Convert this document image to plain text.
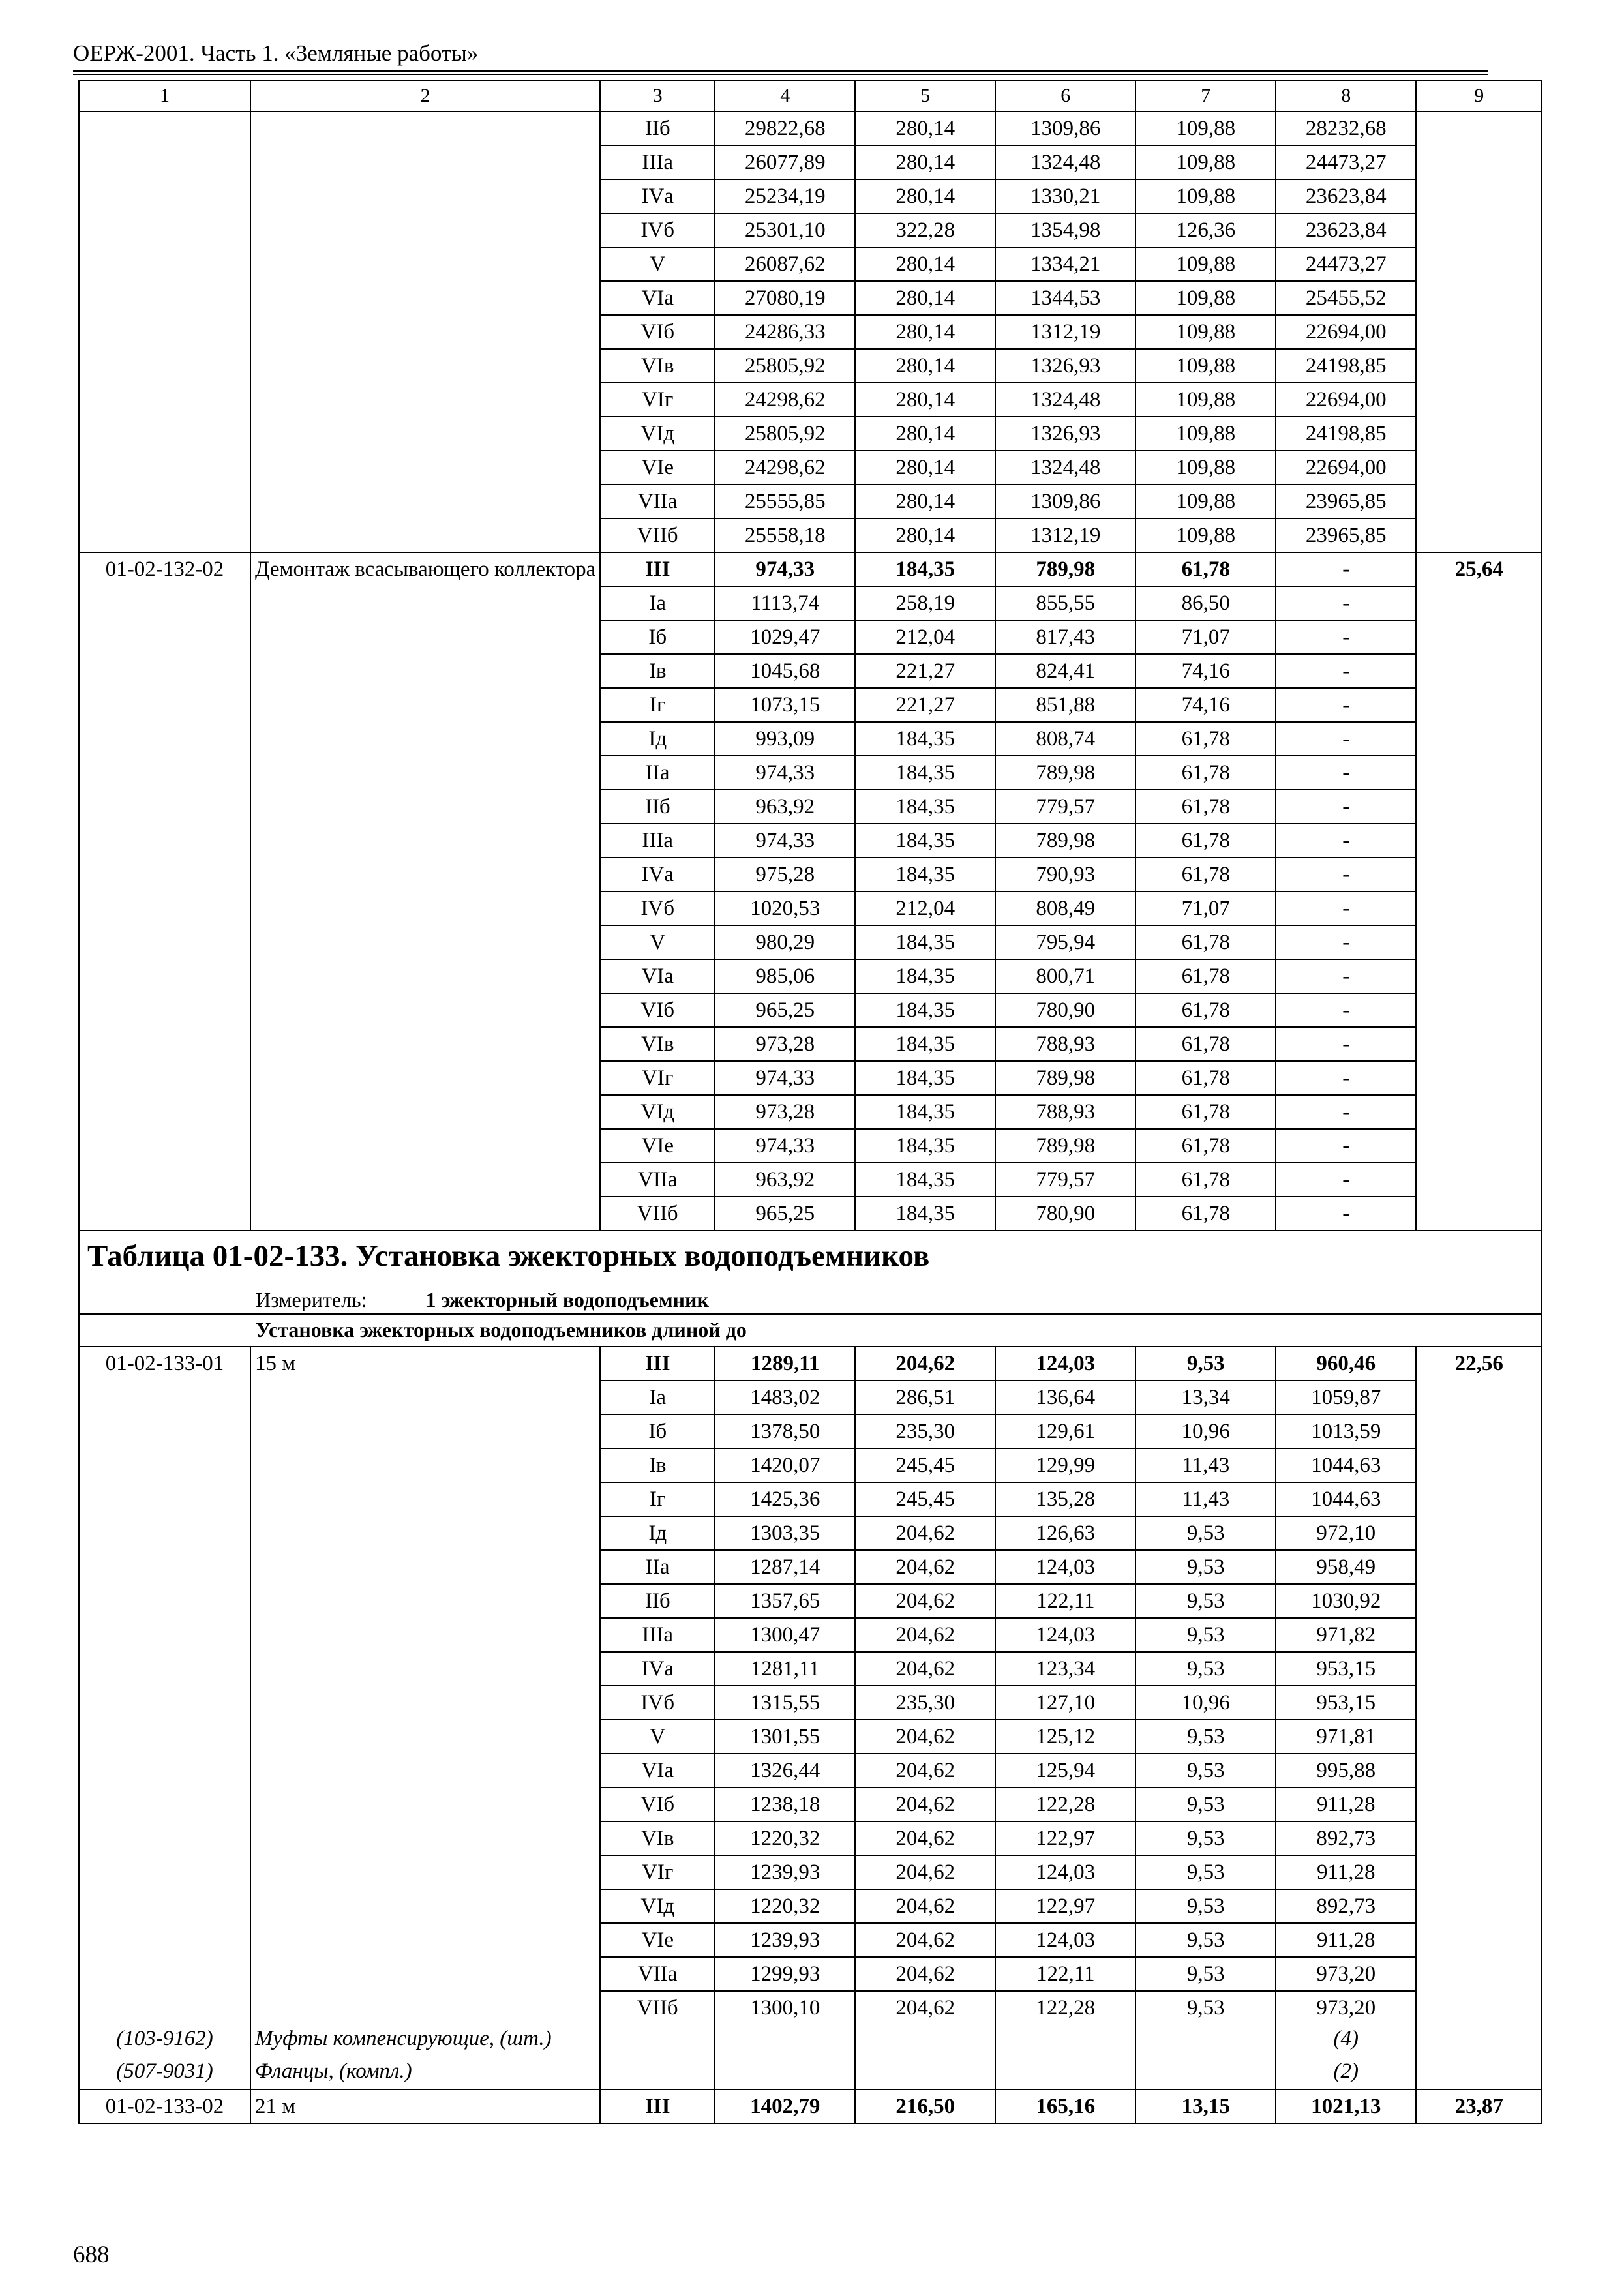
ОЕРЖ-2001. Часть 1. «Земляные работы»
1	2	3	4	5	6	7	8	9
		IIб	29822,68	280,14	1309,86	109,88	28232,68	
		IIIа	26077,89	280,14	1324,48	109,88	24473,27	
		IVа	25234,19	280,14	1330,21	109,88	23623,84	
		IVб	25301,10	322,28	1354,98	126,36	23623,84	
		V	26087,62	280,14	1334,21	109,88	24473,27	
		VIа	27080,19	280,14	1344,53	109,88	25455,52	
		VIб	24286,33	280,14	1312,19	109,88	22694,00	
		VIв	25805,92	280,14	1326,93	109,88	24198,85	
		VIг	24298,62	280,14	1324,48	109,88	22694,00	
		VIд	25805,92	280,14	1326,93	109,88	24198,85	
		VIе	24298,62	280,14	1324,48	109,88	22694,00	
		VIIа	25555,85	280,14	1309,86	109,88	23965,85	
		VIIб	25558,18	280,14	1312,19	109,88	23965,85	
01-02-132-02	Демонтаж всасывающего коллектора	III	974,33	184,35	789,98	61,78	-	25,64
		Iа	1113,74	258,19	855,55	86,50	-	
		Iб	1029,47	212,04	817,43	71,07	-	
		Iв	1045,68	221,27	824,41	74,16	-	
		Iг	1073,15	221,27	851,88	74,16	-	
		Iд	993,09	184,35	808,74	61,78	-	
		IIа	974,33	184,35	789,98	61,78	-	
		IIб	963,92	184,35	779,57	61,78	-	
		IIIа	974,33	184,35	789,98	61,78	-	
		IVа	975,28	184,35	790,93	61,78	-	
		IVб	1020,53	212,04	808,49	71,07	-	
		V	980,29	184,35	795,94	61,78	-	
		VIа	985,06	184,35	800,71	61,78	-	
		VIб	965,25	184,35	780,90	61,78	-	
		VIв	973,28	184,35	788,93	61,78	-	
		VIг	974,33	184,35	789,98	61,78	-	
		VIд	973,28	184,35	788,93	61,78	-	
		VIе	974,33	184,35	789,98	61,78	-	
		VIIа	963,92	184,35	779,57	61,78	-	
		VIIб	965,25	184,35	780,90	61,78	-	
Таблица 01-02-133. Установка эжекторных водоподъемников								
Измеритель: 1 эжекторный водоподъемник								
Установка эжекторных водоподъемников длиной до								
01-02-133-01	15 м	III	1289,11	204,62	124,03	9,53	960,46	22,56
		Iа	1483,02	286,51	136,64	13,34	1059,87	
		Iб	1378,50	235,30	129,61	10,96	1013,59	
		Iв	1420,07	245,45	129,99	11,43	1044,63	
		Iг	1425,36	245,45	135,28	11,43	1044,63	
		Iд	1303,35	204,62	126,63	9,53	972,10	
		IIа	1287,14	204,62	124,03	9,53	958,49	
		IIб	1357,65	204,62	122,11	9,53	1030,92	
		IIIа	1300,47	204,62	124,03	9,53	971,82	
		IVа	1281,11	204,62	123,34	9,53	953,15	
		IVб	1315,55	235,30	127,10	10,96	953,15	
		V	1301,55	204,62	125,12	9,53	971,81	
		VIа	1326,44	204,62	125,94	9,53	995,88	
		VIб	1238,18	204,62	122,28	9,53	911,28	
		VIв	1220,32	204,62	122,97	9,53	892,73	
		VIг	1239,93	204,62	124,03	9,53	911,28	
		VIд	1220,32	204,62	122,97	9,53	892,73	
		VIе	1239,93	204,62	124,03	9,53	911,28	
		VIIа	1299,93	204,62	122,11	9,53	973,20	
		VIIб	1300,10	204,62	122,28	9,53	973,20	
(103-9162)	Муфты компенсирующие, (шт.)						(4)	
(507-9031)	Фланцы, (компл.)						(2)	
01-02-133-02	21 м	III	1402,79	216,50	165,16	13,15	1021,13	23,87
688
